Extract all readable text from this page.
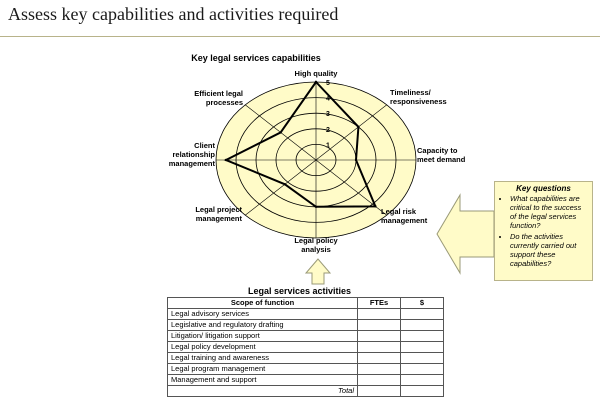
Assess key capabilities and activities required
Key legal services capabilities
1
2
3
4
5
High quality
Timeliness/
responsiveness
Capacity to
meet demand
Legal risk
management
Legal policy
analysis
Legal project
management
Client
relationship
management
Efficient legal
processes
Key questions
• What capabilities are critical to the success of the legal services function?
• Do the activities currently carried out support these capabilities?
Legal services activities
Scope of function	FTEs	$
Legal advisory services		
Legislative and regulatory drafting		
Litigation/ litigation support		
Legal policy development		
Legal training and awareness		
Legal program management		
Management and support		
Total		
